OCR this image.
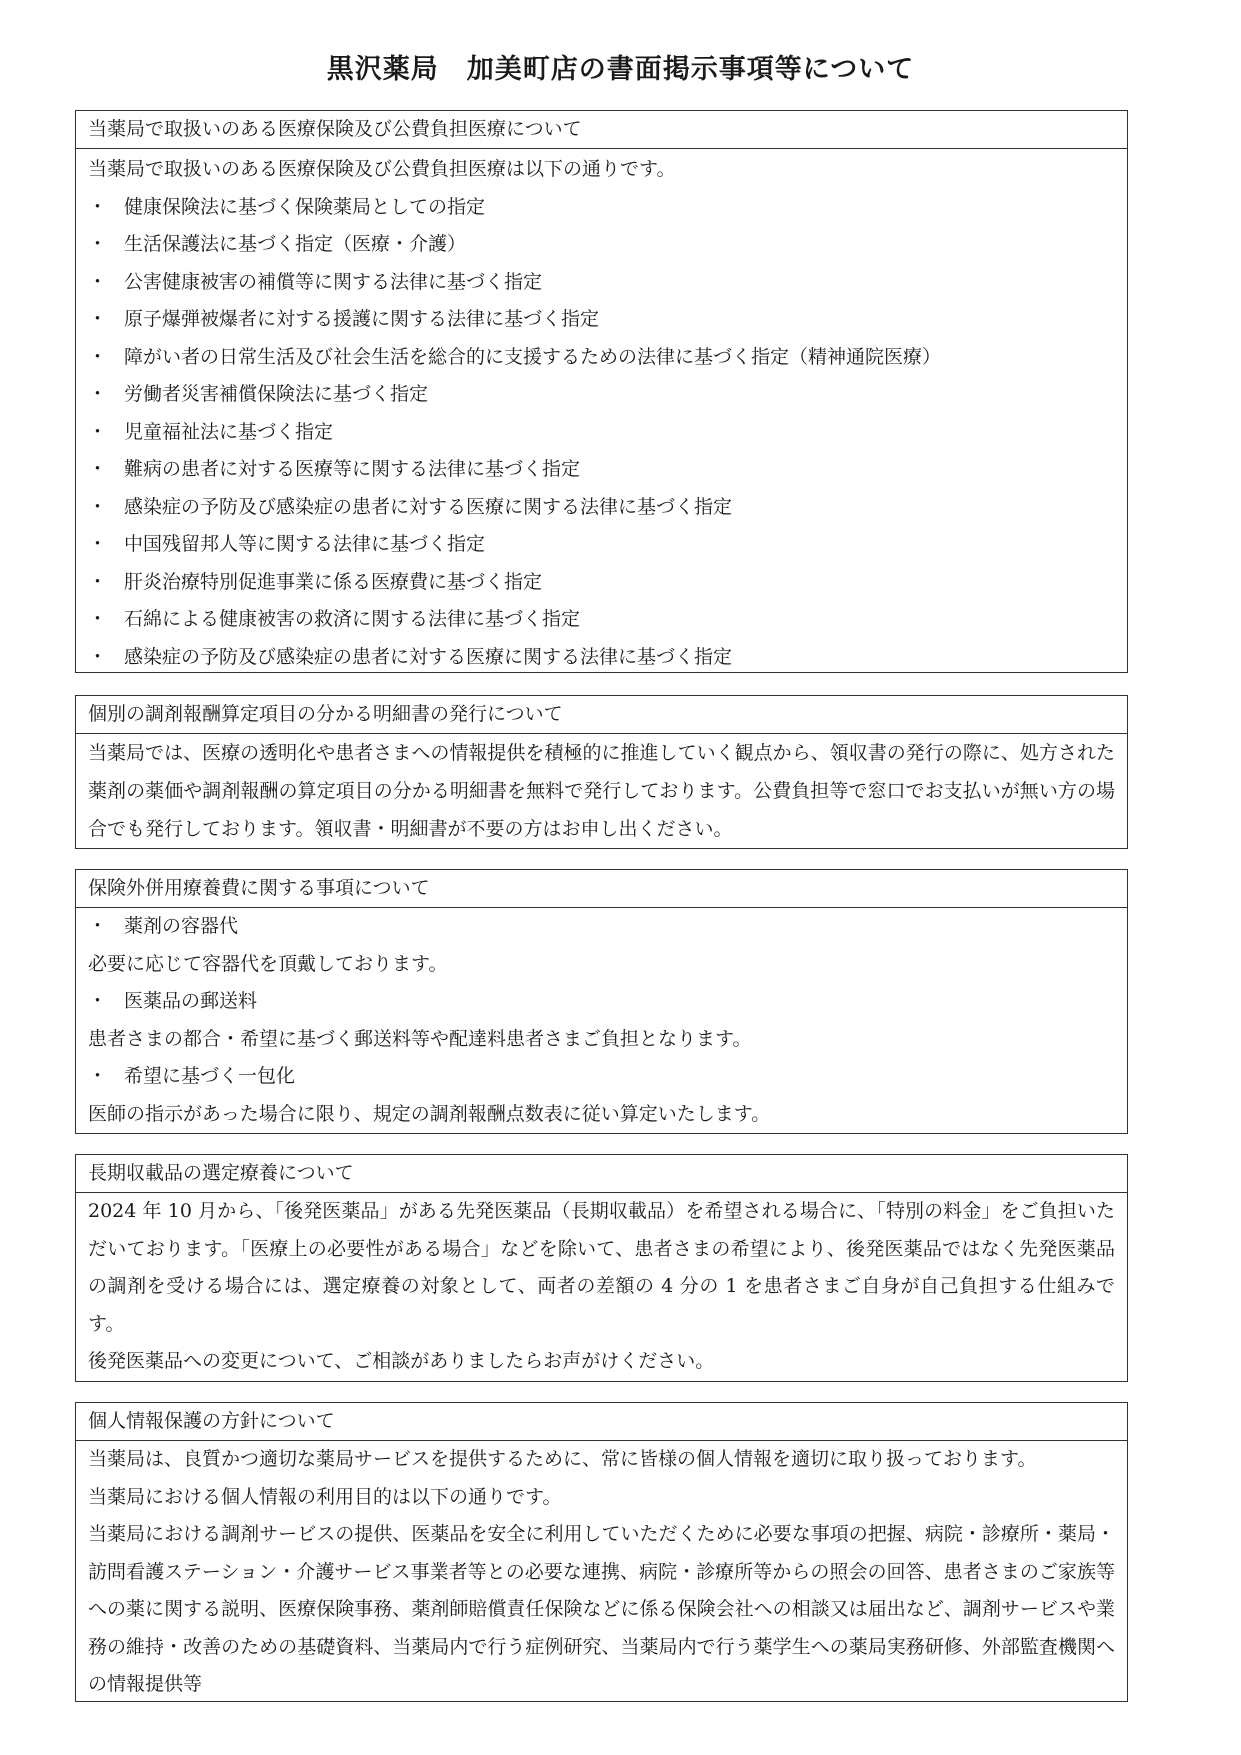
黒沢薬局　加美町店の書面掲示事項等について
当薬局で取扱いのある医療保険及び公費負担医療について
当薬局で取扱いのある医療保険及び公費負担医療は以下の通りです。
・ 健康保険法に基づく保険薬局としての指定
・ 生活保護法に基づく指定（医療・介護）
・ 公害健康被害の補償等に関する法律に基づく指定
・ 原子爆弾被爆者に対する援護に関する法律に基づく指定
・ 障がい者の日常生活及び社会生活を総合的に支援するための法律に基づく指定（精神通院医療）
・ 労働者災害補償保険法に基づく指定
・ 児童福祉法に基づく指定
・ 難病の患者に対する医療等に関する法律に基づく指定
・ 感染症の予防及び感染症の患者に対する医療に関する法律に基づく指定
・ 中国残留邦人等に関する法律に基づく指定
・ 肝炎治療特別促進事業に係る医療費に基づく指定
・ 石綿による健康被害の救済に関する法律に基づく指定
・ 感染症の予防及び感染症の患者に対する医療に関する法律に基づく指定
個別の調剤報酬算定項目の分かる明細書の発行について
当薬局では、医療の透明化や患者さまへの情報提供を積極的に推進していく観点から、領収書の発行の際に、処方された薬剤の薬価や調剤報酬の算定項目の分かる明細書を無料で発行しております。公費負担等で窓口でお支払いが無い方の場合でも発行しております。領収書・明細書が不要の方はお申し出ください。
保険外併用療養費に関する事項について
・ 薬剤の容器代
必要に応じて容器代を頂戴しております。
・ 医薬品の郵送料
患者さまの都合・希望に基づく郵送料等や配達料患者さまご負担となります。
・ 希望に基づく一包化
医師の指示があった場合に限り、規定の調剤報酬点数表に従い算定いたします。
長期収載品の選定療養について
2024 年 10 月から、「後発医薬品」がある先発医薬品（長期収載品）を希望される場合に、「特別の料金」をご負担いただいております。「医療上の必要性がある場合」などを除いて、患者さまの希望により、後発医薬品ではなく先発医薬品の調剤を受ける場合には、選定療養の対象として、両者の差額の 4 分の 1 を患者さまご自身が自己負担する仕組みです。
後発医薬品への変更について、ご相談がありましたらお声がけください。
個人情報保護の方針について
当薬局は、良質かつ適切な薬局サービスを提供するために、常に皆様の個人情報を適切に取り扱っております。
当薬局における個人情報の利用目的は以下の通りです。
当薬局における調剤サービスの提供、医薬品を安全に利用していただくために必要な事項の把握、病院・診療所・薬局・訪問看護ステーション・介護サービス事業者等との必要な連携、病院・診療所等からの照会の回答、患者さまのご家族等への薬に関する説明、医療保険事務、薬剤師賠償責任保険などに係る保険会社への相談又は届出など、調剤サービスや業務の維持・改善のための基礎資料、当薬局内で行う症例研究、当薬局内で行う薬学生への薬局実務研修、外部監査機関への情報提供等
